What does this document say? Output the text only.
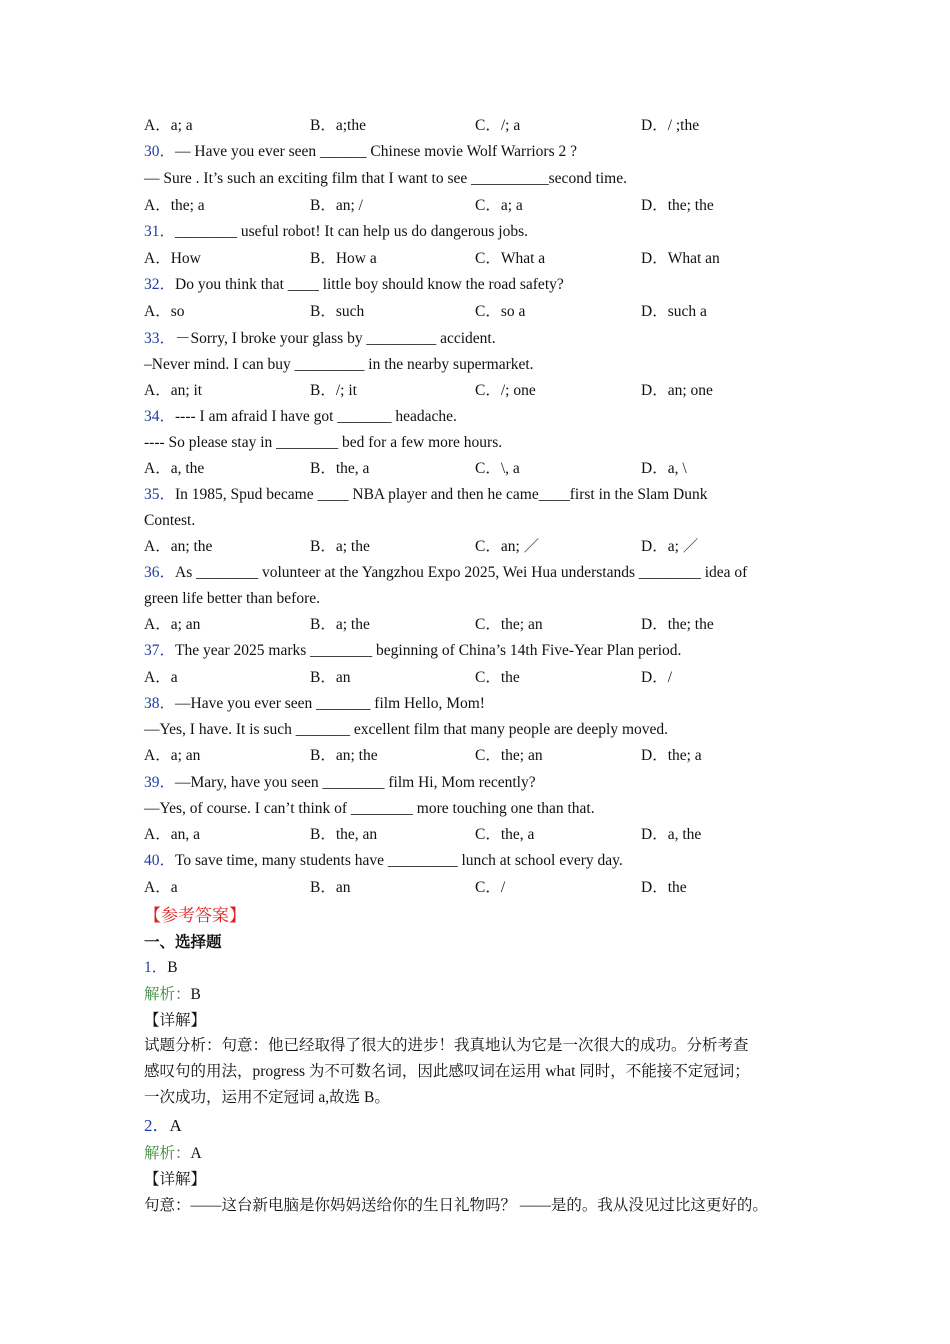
A．a; a	B．a;the	C．/; a	D．/ ;the
30．— Have you ever seen ______ Chinese movie Wolf Warriors 2 ?
— Sure . It’s such an exciting film that I want to see __________second time.
A．the; a	B．an; /	C．a; a	D．the; the
31．________ useful robot! It can help us do dangerous jobs.
A．How	B．How a	C．What a	D．What an
32．Do you think that ____ little boy should know the road safety?
A．so	B．such	C．so a	D．such a
33．－Sorry, I broke your glass by _________ accident.
–Never mind. I can buy _________ in the nearby supermarket.
A．an; it	B．/; it	C．/; one	D．an; one
34．---- I am afraid I have got _______ headache.
---- So please stay in ________ bed for a few more hours.
A．a, the	B．the, a	C．\, a	D．a, \
35．In 1985, Spud became ____ NBA player and then he came____first in the Slam Dunk
Contest.
A．an; the	B．a; the	C．an; ／	D．a; ／
36．As ________ volunteer at the Yangzhou Expo 2025, Wei Hua understands ________ idea of
green life better than before.
A．a; an	B．a; the	C．the; an	D．the; the
37．The year 2025 marks ________ beginning of China’s 14th Five-Year Plan period.
A．a	B．an	C．the	D．/
38．—Have you ever seen _______ film Hello, Mom!
—Yes, I have. It is such _______ excellent film that many people are deeply moved.
A．a; an	B．an; the	C．the; an	D．the; a
39．—Mary, have you seen ________ film Hi, Mom recently?
—Yes, of course. I can’t think of ________ more touching one than that.
A．an, a	B．the, an	C．the, a	D．a, the
40．To save time, many students have _________ lunch at school every day.
A．a	B．an	C．/	D．the
【参考答案】
一、选择题
1．B
解析：B
【详解】
试题分析：句意：他已经取得了很大的进步！我真地认为它是一次很大的成功。分析考查
感叹句的用法，progress 为不可数名词，因此感叹词在运用 what 同时，不能接不定冠词；
一次成功，运用不定冠词 a,故选 B。
2．A
解析：A
【详解】
句意：——这台新电脑是你妈妈送给你的生日礼物吗？ ——是的。我从没见过比这更好的。
